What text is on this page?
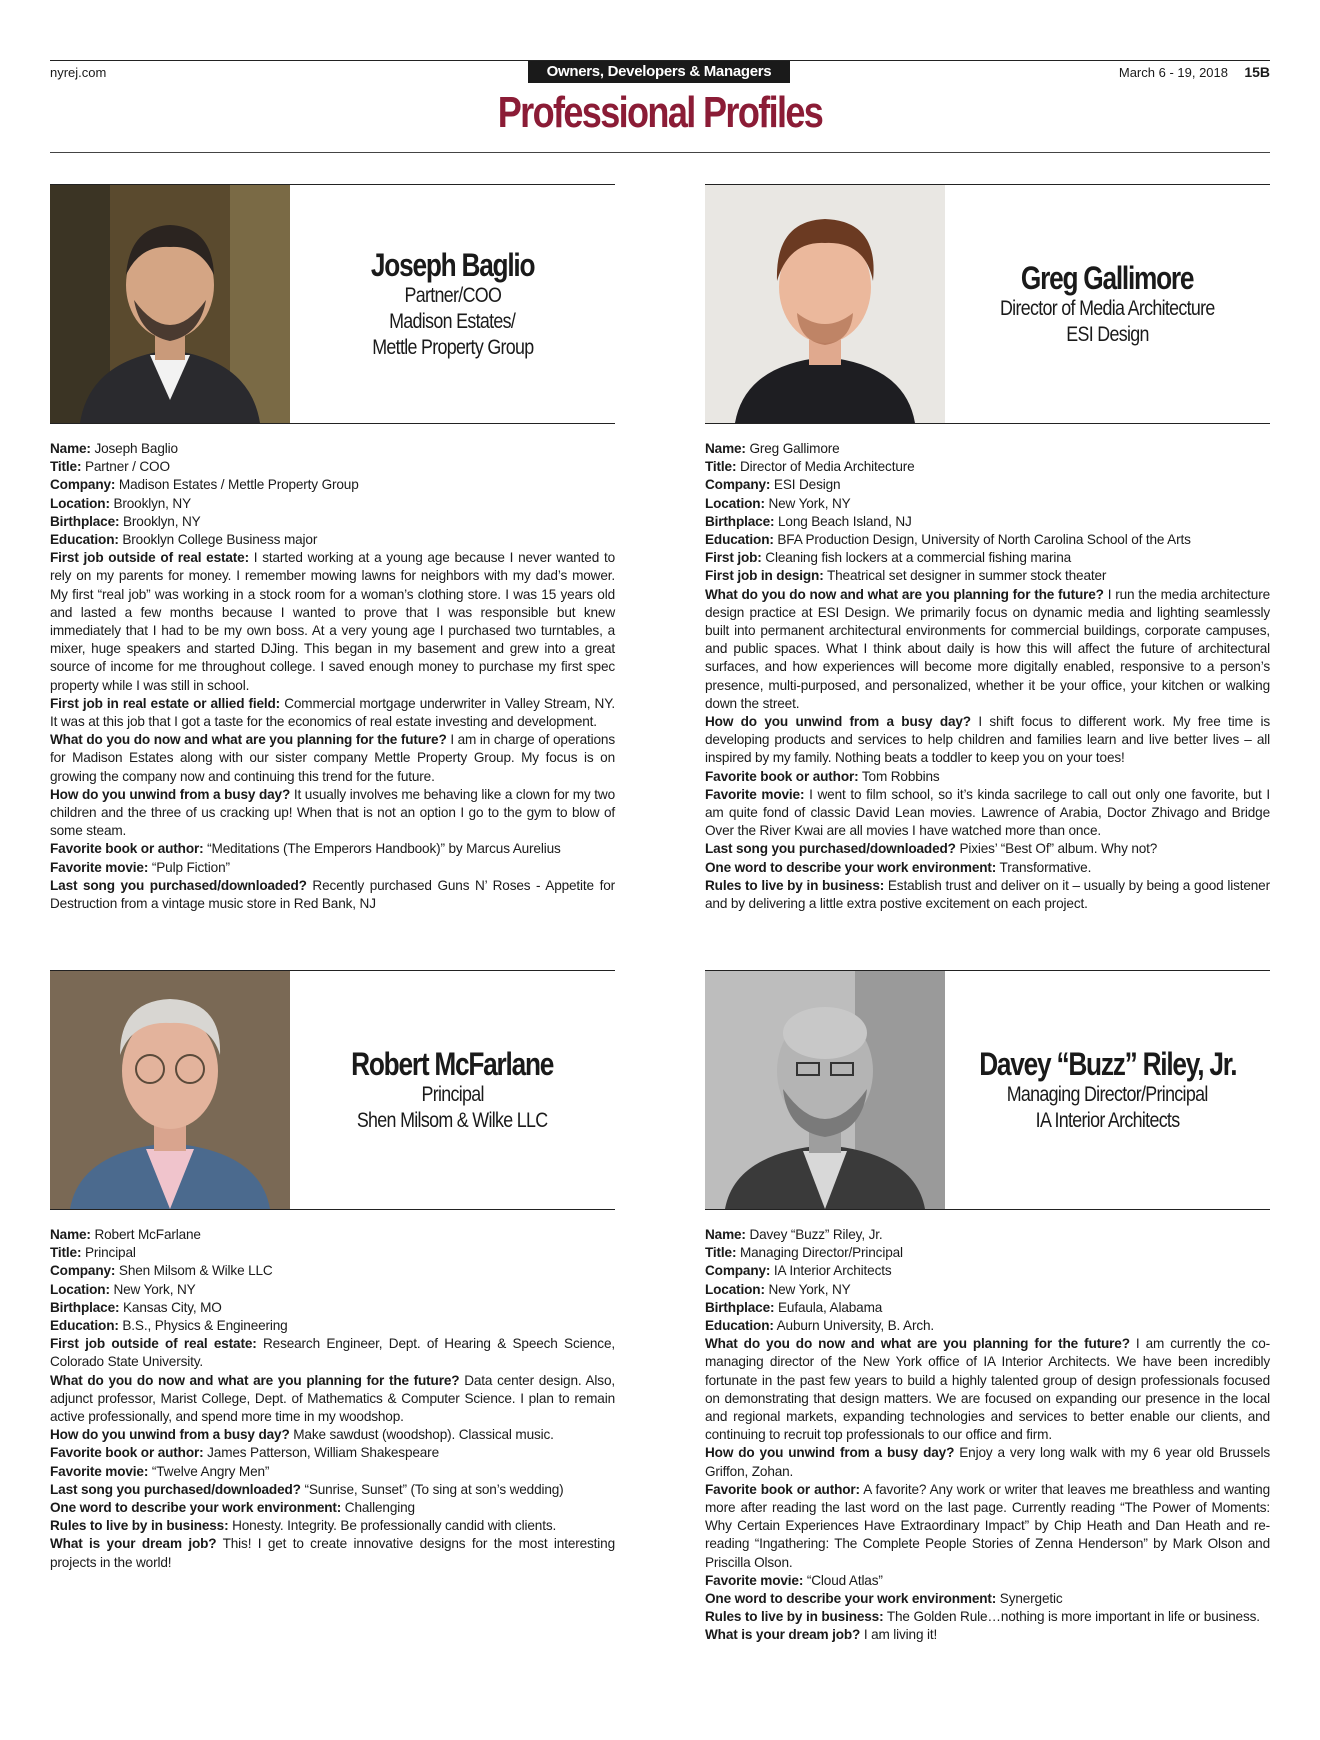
nyrej.com	Owners, Developers & Managers	March 6 - 19, 2018 15B
Professional Profiles
Joseph Baglio
Partner/COO
Madison Estates/
Mettle Property Group

Name: Joseph Baglio

Title: Partner / COO

Company: Madison Estates / Mettle Property Group

Location: Brooklyn, NY

Birthplace: Brooklyn, NY

Education: Brooklyn College Business major

First job outside of real estate: I started working at a young age because I never wanted to rely on my parents for money. I remember mowing lawns for neighbors with my dad’s mower. My first “real job” was working in a stock room for a woman’s clothing store. I was 15 years old and lasted a few months because I wanted to prove that I was responsible but knew immediately that I had to be my own boss. At a very young age I purchased two turntables, a mixer, huge speakers and started DJing. This began in my basement and grew into a great source of income for me throughout college. I saved enough money to purchase my first spec property while I was still in school.

First job in real estate or allied field: Commercial mortgage underwriter in Valley Stream, NY. It was at this job that I got a taste for the economics of real estate investing and development.

What do you do now and what are you planning for the future? I am in charge of operations for Madison Estates along with our sister company Mettle Property Group. My focus is on growing the company now and continuing this trend for the future.

How do you unwind from a busy day? It usually involves me behaving like a clown for my two children and the three of us cracking up! When that is not an option I go to the gym to blow of some steam.

Favorite book or author: “Meditations (The Emperors Handbook)” by Marcus Aurelius

Favorite movie: “Pulp Fiction”

Last song you purchased/downloaded? Recently purchased Guns N’ Roses - Appetite for Destruction from a vintage music store in Red Bank, NJ

Greg Gallimore
Director of Media Architecture
ESI Design

Name: Greg Gallimore

Title: Director of Media Architecture

Company: ESI Design

Location: New York, NY

Birthplace: Long Beach Island, NJ

Education: BFA Production Design, University of North Carolina School of the Arts

First job: Cleaning fish lockers at a commercial fishing marina

First job in design: Theatrical set designer in summer stock theater

What do you do now and what are you planning for the future? I run the media architecture design practice at ESI Design. We primarily focus on dynamic media and lighting seamlessly built into permanent architectural environments for commercial buildings, corporate campuses, and public spaces. What I think about daily is how this will affect the future of architectural surfaces, and how experiences will become more digitally enabled, responsive to a person’s presence, multi-purposed, and personalized, whether it be your office, your kitchen or walking down the street.

How do you unwind from a busy day? I shift focus to different work. My free time is developing products and services to help children and families learn and live better lives – all inspired by my family. Nothing beats a toddler to keep you on your toes!

Favorite book or author: Tom Robbins

Favorite movie: I went to film school, so it’s kinda sacrilege to call out only one favorite, but I am quite fond of classic David Lean movies. Lawrence of Arabia, Doctor Zhivago and Bridge Over the River Kwai are all movies I have watched more than once.

Last song you purchased/downloaded? Pixies’ “Best Of” album. Why not?

One word to describe your work environment: Transformative.

Rules to live by in business: Establish trust and deliver on it – usually by being a good listener and by delivering a little extra postive excitement on each project.

Robert McFarlane
Principal
Shen Milsom & Wilke LLC

Name: Robert McFarlane

Title: Principal

Company: Shen Milsom & Wilke LLC

Location: New York, NY

Birthplace: Kansas City, MO

Education: B.S., Physics & Engineering

First job outside of real estate: Research Engineer, Dept. of Hearing & Speech Science, Colorado State University.

What do you do now and what are you planning for the future? Data center design. Also, adjunct professor, Marist College, Dept. of Mathematics & Computer Science. I plan to remain active professionally, and spend more time in my woodshop.

How do you unwind from a busy day? Make sawdust (woodshop). Classical music.

Favorite book or author: James Patterson, William Shakespeare

Favorite movie: “Twelve Angry Men”

Last song you purchased/downloaded? “Sunrise, Sunset” (To sing at son’s wedding)

One word to describe your work environment: Challenging

Rules to live by in business: Honesty. Integrity. Be professionally candid with clients.

What is your dream job? This! I get to create innovative designs for the most interesting projects in the world!

Davey “Buzz” Riley, Jr.
Managing Director/Principal
IA Interior Architects

Name: Davey “Buzz” Riley, Jr.

Title: Managing Director/Principal

Company: IA Interior Architects

Location: New York, NY

Birthplace: Eufaula, Alabama

Education: Auburn University, B. Arch.

What do you do now and what are you planning for the future? I am currently the co-managing director of the New York office of IA Interior Architects. We have been incredibly fortunate in the past few years to build a highly talented group of design professionals focused on demonstrating that design matters. We are focused on expanding our presence in the local and regional markets, expanding technologies and services to better enable our clients, and continuing to recruit top professionals to our office and firm.

How do you unwind from a busy day? Enjoy a very long walk with my 6 year old Brussels Griffon, Zohan.

Favorite book or author: A favorite? Any work or writer that leaves me breathless and wanting more after reading the last word on the last page. Currently reading “The Power of Moments: Why Certain Experiences Have Extraordinary Impact” by Chip Heath and Dan Heath and re-reading “Ingathering: The Complete People Stories of Zenna Henderson” by Mark Olson and Priscilla Olson.

Favorite movie: “Cloud Atlas”

One word to describe your work environment: Synergetic

Rules to live by in business: The Golden Rule…nothing is more important in life or business.

What is your dream job? I am living it!
